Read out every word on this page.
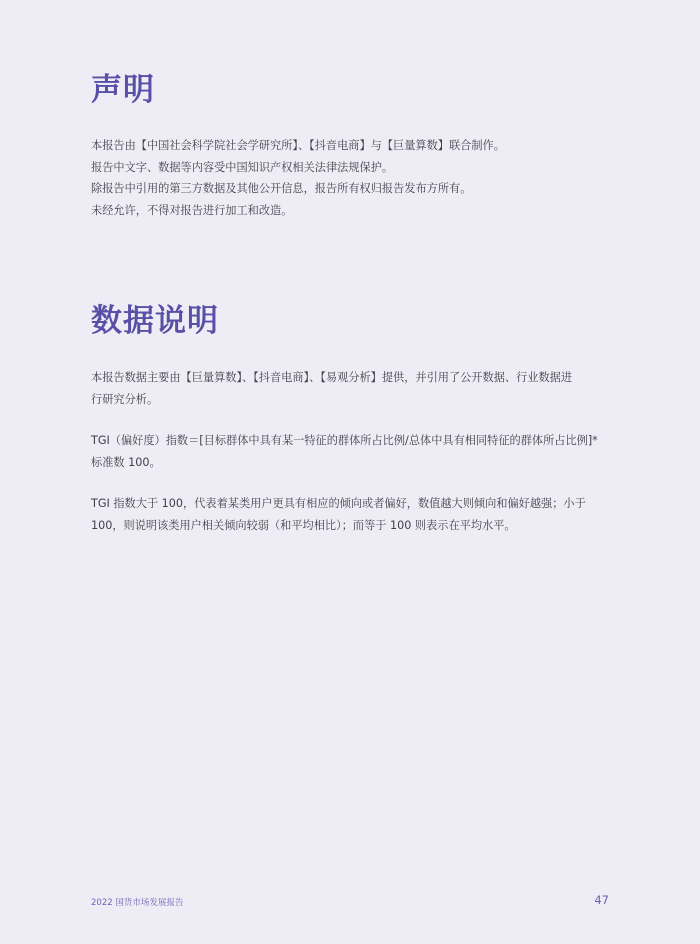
声明

本报告由【中国社会科学院社会学研究所】、【抖音电商】与【巨量算数】联合制作。
报告中文字、数据等内容受中国知识产权相关法律法规保护。
除报告中引用的第三方数据及其他公开信息，报告所有权归报告发布方所有。
未经允许，不得对报告进行加工和改造。

数据说明

本报告数据主要由【巨量算数】、【抖音电商】、【易观分析】提供，并引用了公开数据、行业数据进
行研究分析。

TGI（偏好度）指数＝[目标群体中具有某一特征的群体所占比例/总体中具有相同特征的群体所占比例]*
标准数 100。

TGI 指数大于 100，代表着某类用户更具有相应的倾向或者偏好，数值越大则倾向和偏好越强；小于
100，则说明该类用户相关倾向较弱（和平均相比）；而等于 100 则表示在平均水平。

2022 国货市场发展报告	47
